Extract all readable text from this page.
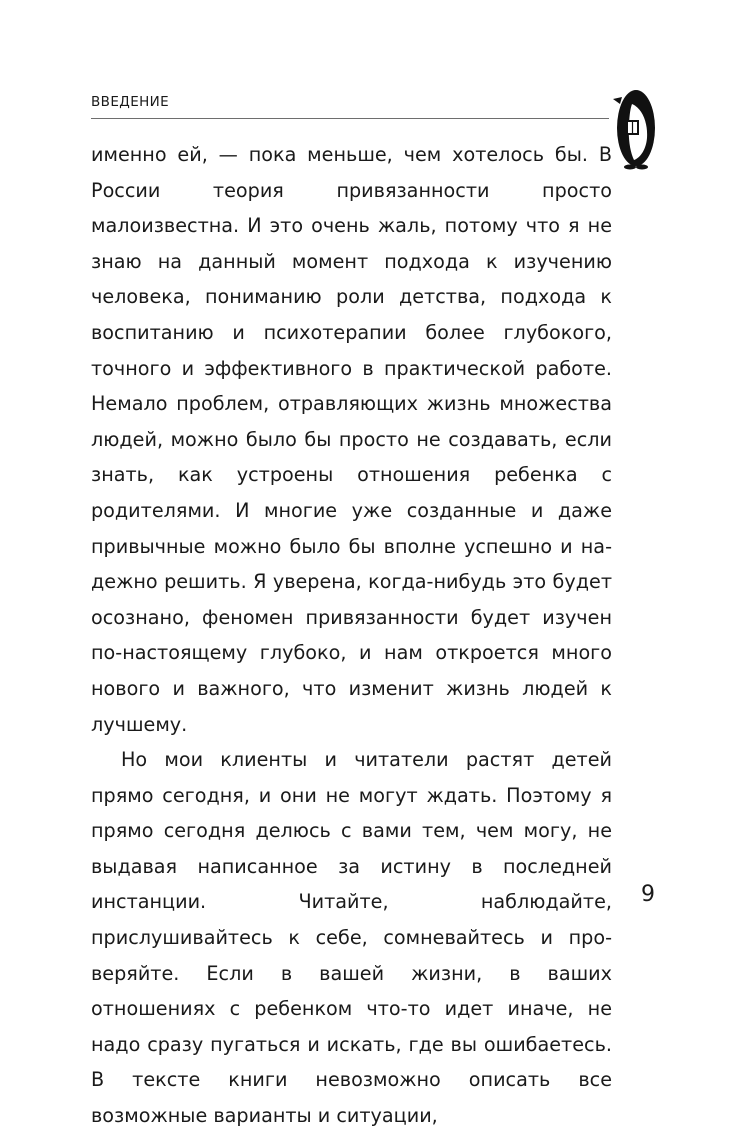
ВВЕДЕНИЕ

именно ей, — пока меньше, чем хотелось бы. В России теория привязанности просто малоизвестна. И это очень жаль, потому что я не знаю на данный момент подхода к изучению человека, пониманию роли детства, подхода к воспитанию и психотерапии более глубокого, точного и эффективного в практической работе. Немало проблем, отравляющих жизнь множества людей, можно было бы просто не создавать, если знать, как устроены отношения ребенка с родителями. И многие уже созданные и даже привычные можно было бы вполне успешно и надежно решить. Я уверена, когда-нибудь это будет осознано, феномен привязанности будет изучен по-настоящему глубоко, и нам откроется много нового и важного, что изменит жизнь людей к лучшему.

Но мои клиенты и читатели растят детей прямо сегодня, и они не могут ждать. Поэтому я прямо сегодня делюсь с вами тем, чем могу, не выдавая написанное за истину в последней инстанции. Читайте, наблюдайте, прислушивайтесь к себе, сомневайтесь и проверяйте. Если в вашей жизни, в ваших отношениях с ребенком что-то идет иначе, не надо сразу пугаться и искать, где вы ошибаетесь. В тексте книги невозможно описать все возможные варианты и ситуации,

9
